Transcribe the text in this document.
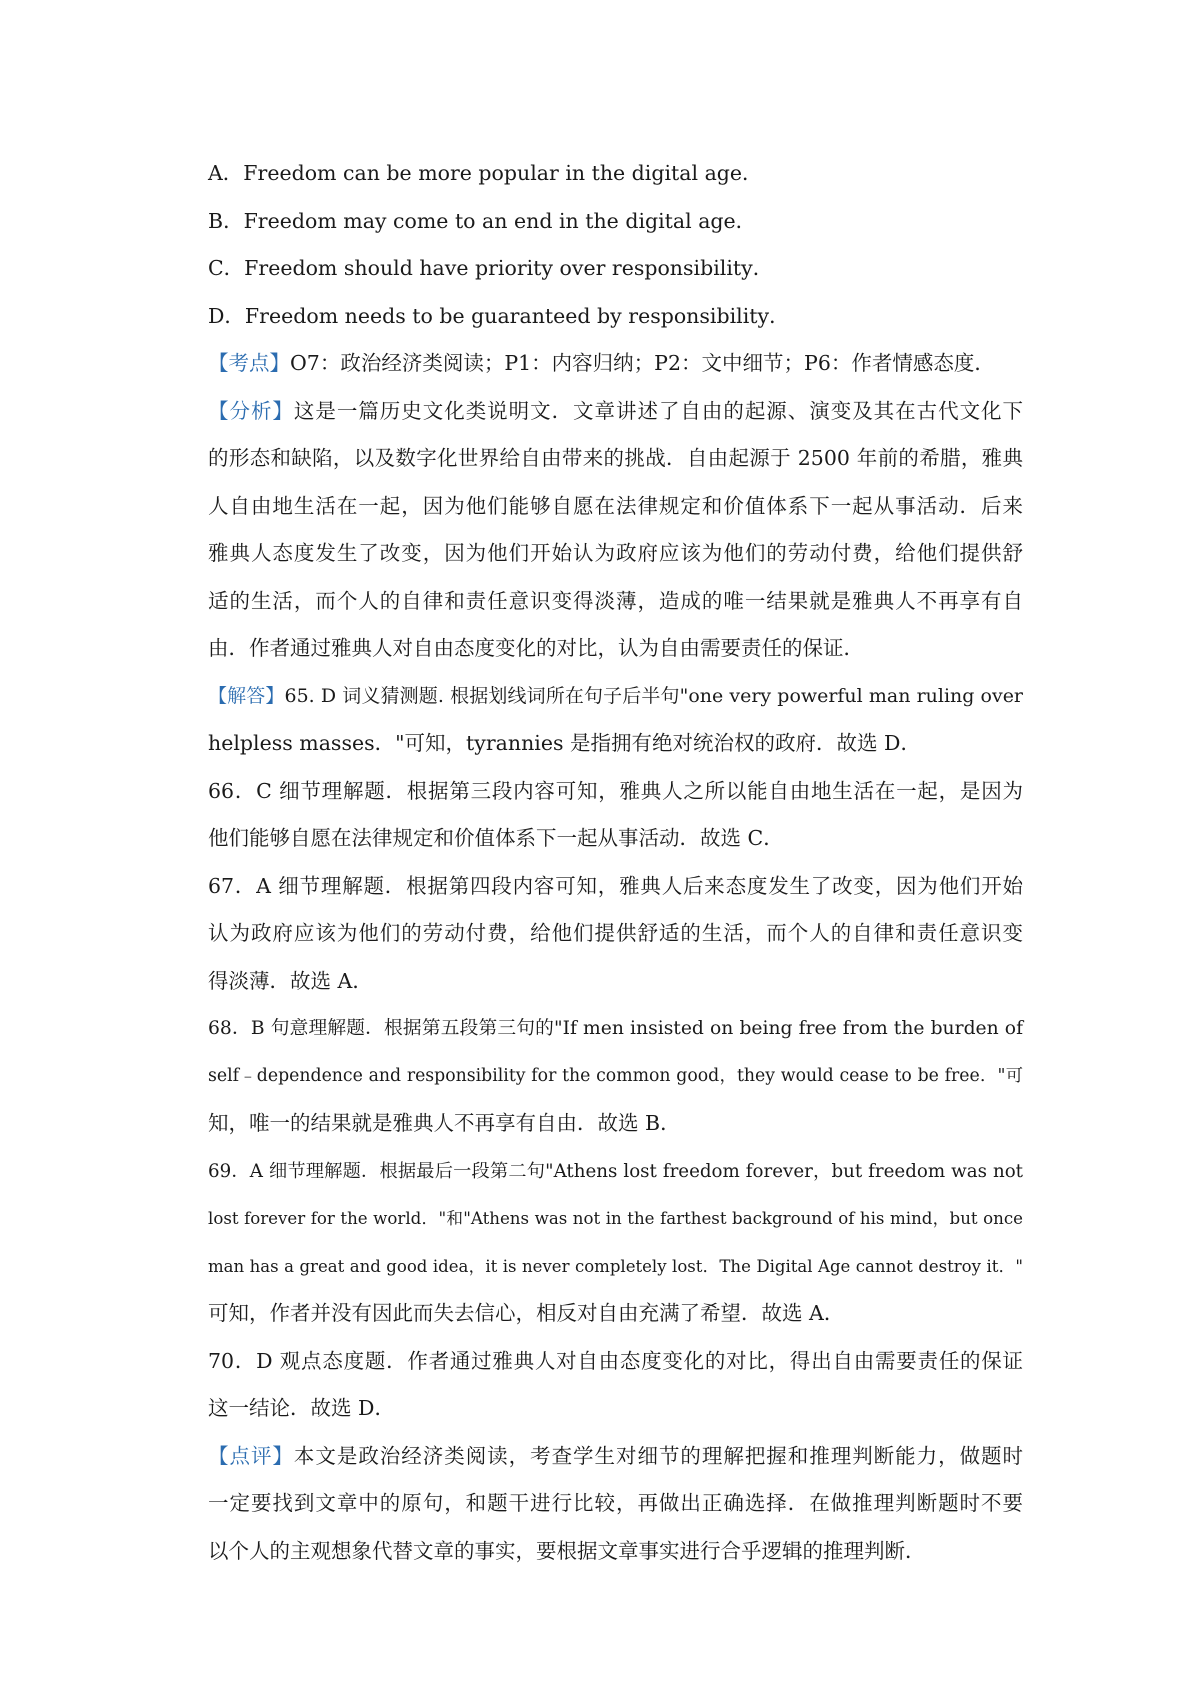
A．Freedom can be more popular in the digital age．
B．Freedom may come to an end in the digital age．
C．Freedom should have priority over responsibility．
D．Freedom needs to be guaranteed by responsibility．
【考点】O7：政治经济类阅读；P1：内容归纳；P2：文中细节；P6：作者情感态度．
【分析】这是一篇历史文化类说明文．文章讲述了自由的起源、演变及其在古代文化下
的形态和缺陷，以及数字化世界给自由带来的挑战．自由起源于 2500 年前的希腊，雅典
人自由地生活在一起，因为他们能够自愿在法律规定和价值体系下一起从事活动．后来
雅典人态度发生了改变，因为他们开始认为政府应该为他们的劳动付费，给他们提供舒
适的生活，而个人的自律和责任意识变得淡薄，造成的唯一结果就是雅典人不再享有自
由．作者通过雅典人对自由态度变化的对比，认为自由需要责任的保证．
【解答】65. D 词义猜测题. 根据划线词所在句子后半句"one very powerful man ruling over
helpless masses．"可知，tyrannies 是指拥有绝对统治权的政府．故选 D．
66．C 细节理解题．根据第三段内容可知，雅典人之所以能自由地生活在一起，是因为
他们能够自愿在法律规定和价值体系下一起从事活动．故选 C．
67．A 细节理解题．根据第四段内容可知，雅典人后来态度发生了改变，因为他们开始
认为政府应该为他们的劳动付费，给他们提供舒适的生活，而个人的自律和责任意识变
得淡薄．故选 A．
68．B 句意理解题．根据第五段第三句的"If men insisted on being free from the burden of
self﹣dependence and responsibility for the common good，they would cease to be free．"可
知，唯一的结果就是雅典人不再享有自由．故选 B．
69．A 细节理解题．根据最后一段第二句"Athens lost freedom forever，but freedom was not
lost forever for the world．"和"Athens was not in the farthest background of his mind，but once
man has a great and good idea，it is never completely lost．The Digital Age cannot destroy it．"
可知，作者并没有因此而失去信心，相反对自由充满了希望．故选 A．
70．D 观点态度题．作者通过雅典人对自由态度变化的对比，得出自由需要责任的保证
这一结论．故选 D．
【点评】本文是政治经济类阅读，考查学生对细节的理解把握和推理判断能力，做题时
一定要找到文章中的原句，和题干进行比较，再做出正确选择．在做推理判断题时不要
以个人的主观想象代替文章的事实，要根据文章事实进行合乎逻辑的推理判断．
